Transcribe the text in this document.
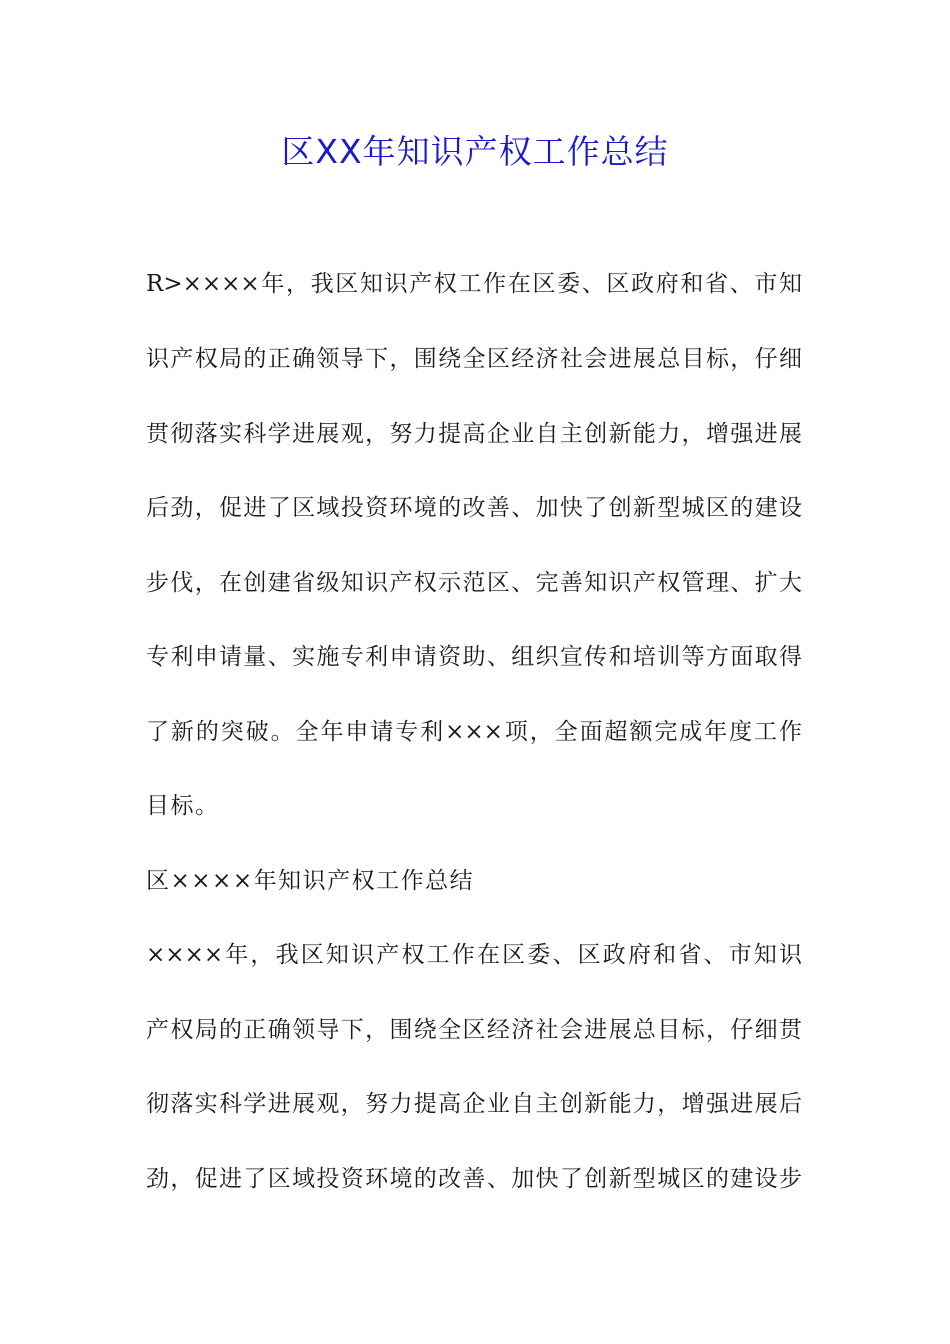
区XX年知识产权工作总结
R>××××年，我区知识产权工作在区委、区政府和省、市知
识产权局的正确领导下，围绕全区经济社会进展总目标，仔细
贯彻落实科学进展观，努力提高企业自主创新能力，增强进展
后劲，促进了区域投资环境的改善、加快了创新型城区的建设
步伐，在创建省级知识产权示范区、完善知识产权管理、扩大
专利申请量、实施专利申请资助、组织宣传和培训等方面取得
了新的突破。全年申请专利×××项，全面超额完成年度工作
目标。
区××××年知识产权工作总结
××××年，我区知识产权工作在区委、区政府和省、市知识
产权局的正确领导下，围绕全区经济社会进展总目标，仔细贯
彻落实科学进展观，努力提高企业自主创新能力，增强进展后
劲，促进了区域投资环境的改善、加快了创新型城区的建设步
